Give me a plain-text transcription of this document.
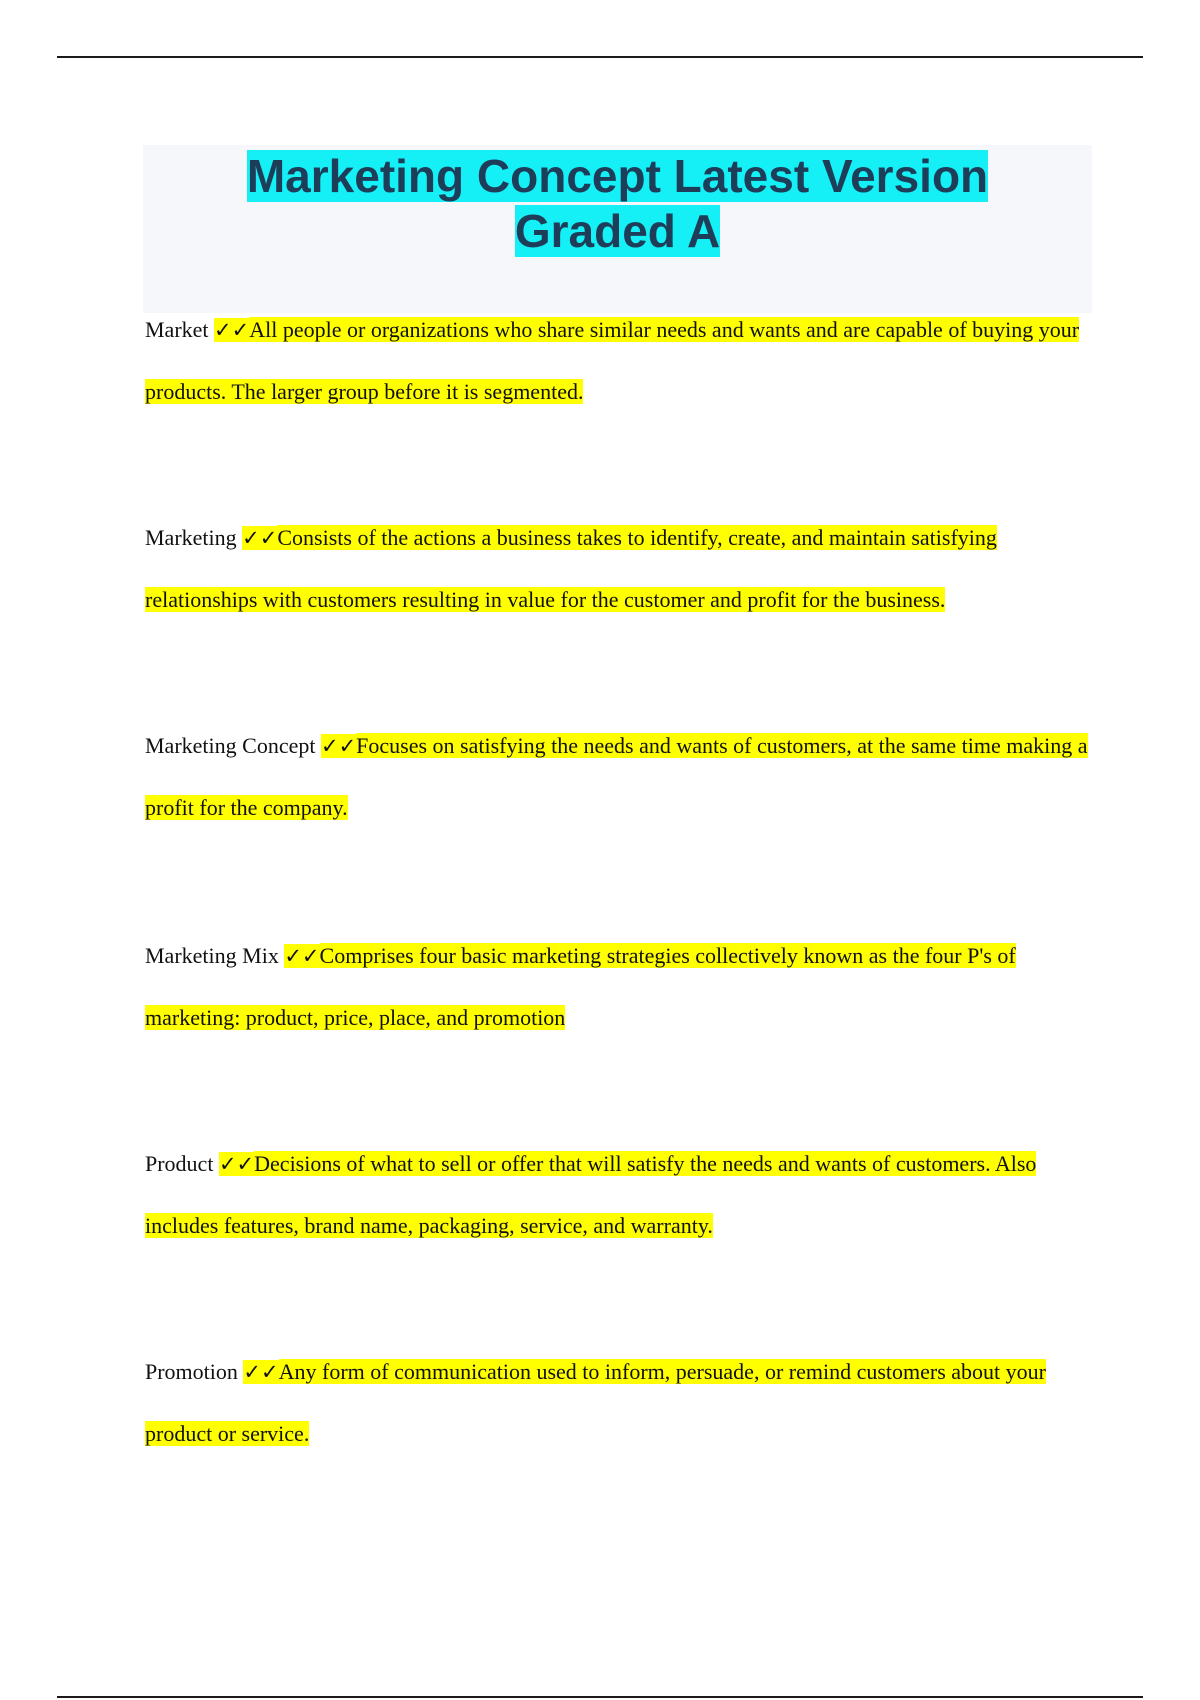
Marketing Concept Latest Version
Graded A

Market ✓✓All people or organizations who share similar needs and wants and are capable of buying your products. The larger group before it is segmented.

Marketing ✓✓Consists of the actions a business takes to identify, create, and maintain satisfying relationships with customers resulting in value for the customer and profit for the business.

Marketing Concept ✓✓Focuses on satisfying the needs and wants of customers, at the same time making a profit for the company.

Marketing Mix ✓✓Comprises four basic marketing strategies collectively known as the four P's of marketing: product, price, place, and promotion

Product ✓✓Decisions of what to sell or offer that will satisfy the needs and wants of customers. Also includes features, brand name, packaging, service, and warranty.

Promotion ✓✓Any form of communication used to inform, persuade, or remind customers about your product or service.
